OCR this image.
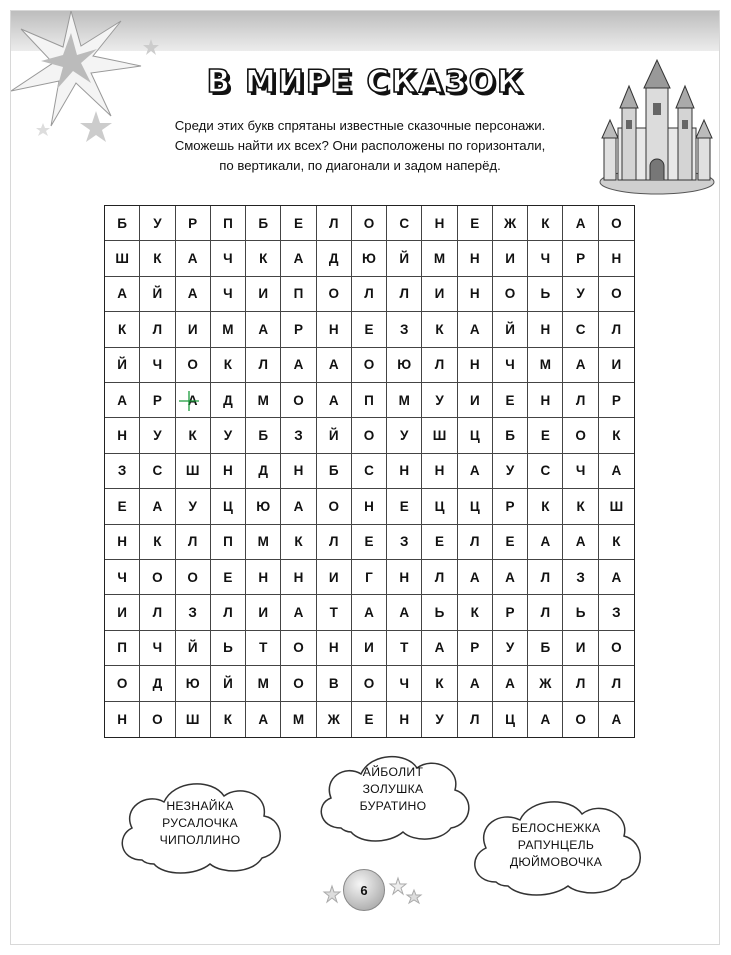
В МИРЕ СКАЗОК
Среди этих букв спрятаны известные сказочные персонажи.
Сможешь найти их всех? Они расположены по горизонтали,
по вертикали, по диагонали и задом наперёд.
Б У Р П Б Е Л О С Н Е Ж К А О
Ш К А Ч К А Д Ю Й М Н И Ч Р Н
А Й А Ч И П О Л Л И Н О Ь У О
К Л И М А Р Н Е З К А Й Н С Л
Й Ч О К Л А А О Ю Л Н Ч М А И
А Р А Д М О А П М У И Е Н Л Р
Н У К У Б З Й О У Ш Ц Б Е О К
З С Ш Н Д Н Б С Н Н А У С Ч А
Е А У Ц Ю А О Н Е Ц Ц Р К К Ш
Н К Л П М К Л Е З Е Л Е А А К
Ч О О Е Н Н И Г Н Л А А Л З А
И Л З Л И А Т А А Ь К Р Л Ь З
П Ч Й Ь Т О Н И Т А Р У Б И О
О Д Ю Й М О В О Ч К А А Ж Л Л
Н О Ш К А М Ж Е Н У Л Ц А О А
НЕЗНАЙКА
РУСАЛОЧКА
ЧИПОЛЛИНО
АЙБОЛИТ
ЗОЛУШКА
БУРАТИНО
БЕЛОСНЕЖКА
РАПУНЦЕЛЬ
ДЮЙМОВОЧКА
6
